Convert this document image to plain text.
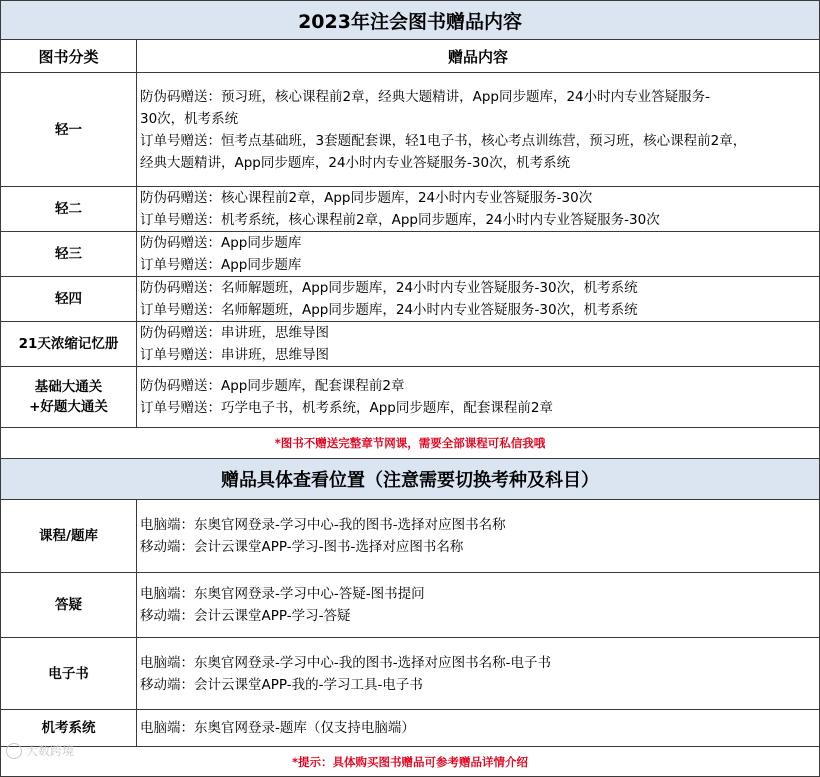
2023年注会图书赠品内容	
图书分类	赠品内容
轻一	防伪码赠送：预习班，核心课程前2章，经典大题精讲，App同步题库，24小时内专业答疑服务-
30次，机考系统
订单号赠送：恒考点基础班，3套题配套课，轻1电子书，核心考点训练营，预习班，核心课程前2章，
经典大题精讲，App同步题库，24小时内专业答疑服务-30次，机考系统

轻二	防伪码赠送：核心课程前2章，App同步题库，24小时内专业答疑服务-30次
订单号赠送：机考系统，核心课程前2章，App同步题库，24小时内专业答疑服务-30次

轻三	防伪码赠送：App同步题库
订单号赠送：App同步题库

轻四	防伪码赠送：名师解题班，App同步题库，24小时内专业答疑服务-30次，机考系统
订单号赠送：名师解题班，App同步题库，24小时内专业答疑服务-30次，机考系统

21天浓缩记忆册	防伪码赠送：串讲班，思维导图
订单号赠送：串讲班，思维导图

基础大通关
+好题大通关	防伪码赠送：App同步题库，配套课程前2章
订单号赠送：巧学电子书，机考系统，App同步题库，配套课程前2章

*图书不赠送完整章节网课，需要全部课程可私信我哦	
赠品具体查看位置（注意需要切换考种及科目）	
课程/题库	电脑端：东奥官网登录-学习中心-我的图书-选择对应图书名称
移动端：会计云课堂APP-学习-图书-选择对应图书名称

答疑	电脑端：东奥官网登录-学习中心-答疑-图书提问
移动端：会计云课堂APP-学习-答疑

电子书	电脑端：东奥官网登录-学习中心-我的图书-选择对应图书名称-电子书
移动端：会计云课堂APP-我的-学习工具-电子书

机考系统	电脑端：东奥官网登录-题库（仅支持电脑端）

*提示：具体购买图书赠品可参考赠品详情介绍	
大数跨境
